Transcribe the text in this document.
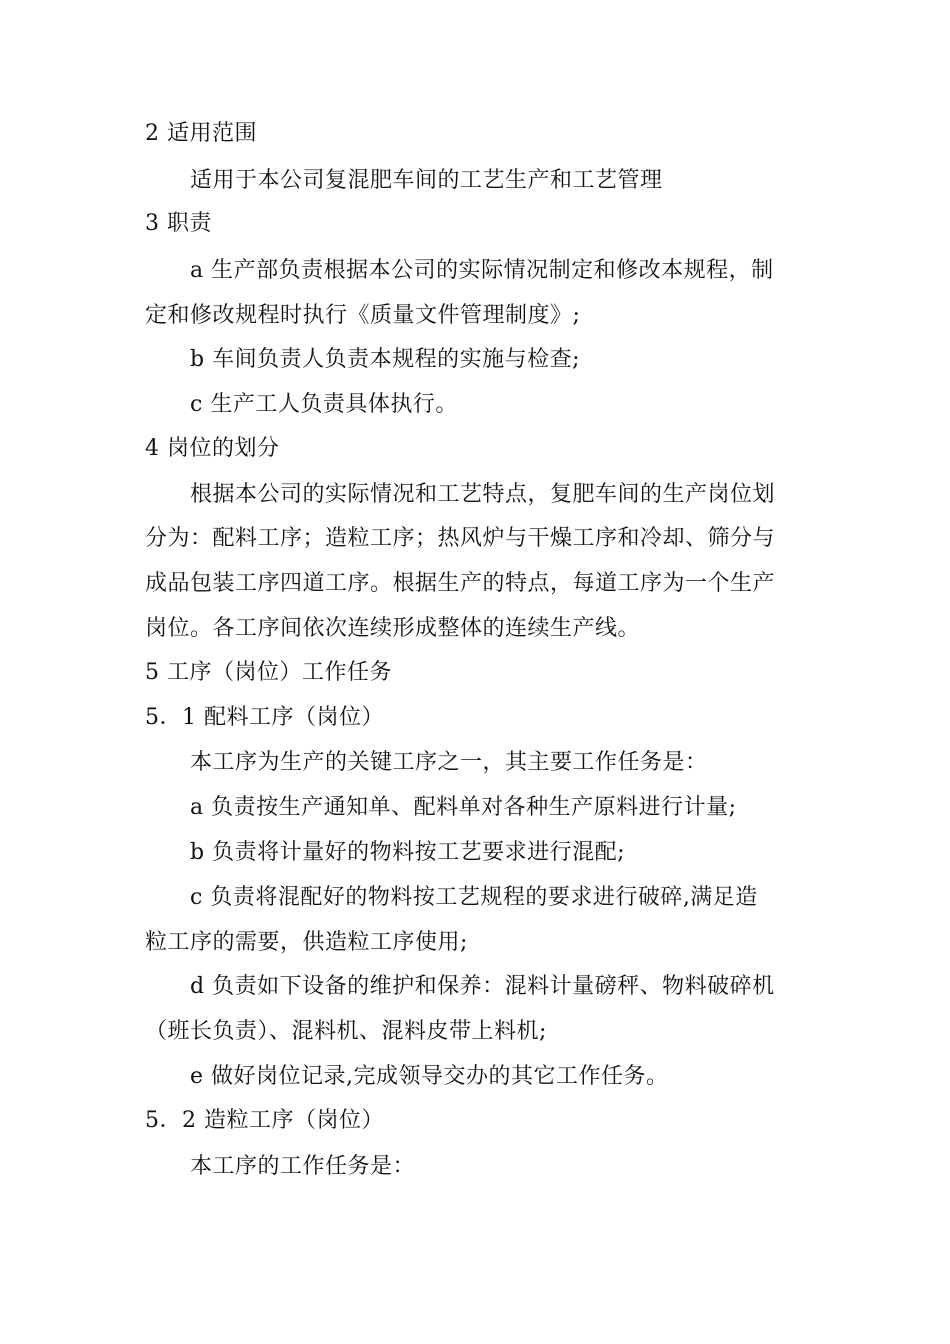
2 适用范围
适用于本公司复混肥车间的工艺生产和工艺管理
3 职责
a 生产部负责根据本公司的实际情况制定和修改本规程，制
定和修改规程时执行《质量文件管理制度》;
b 车间负责人负责本规程的实施与检查;
c 生产工人负责具体执行。
4 岗位的划分
根据本公司的实际情况和工艺特点，复肥车间的生产岗位划
分为：配料工序；造粒工序；热风炉与干燥工序和冷却、筛分与
成品包装工序四道工序。根据生产的特点，每道工序为一个生产
岗位。各工序间依次连续形成整体的连续生产线。
5 工序（岗位）工作任务
5．1 配料工序（岗位）
本工序为生产的关键工序之一，其主要工作任务是：
a 负责按生产通知单、配料单对各种生产原料进行计量;
b 负责将计量好的物料按工艺要求进行混配;
c 负责将混配好的物料按工艺规程的要求进行破碎,满足造
粒工序的需要，供造粒工序使用;
d 负责如下设备的维护和保养：混料计量磅秤、物料破碎机
（班长负责）、混料机、混料皮带上料机;
e 做好岗位记录,完成领导交办的其它工作任务。
5．2 造粒工序（岗位）
本工序的工作任务是：
